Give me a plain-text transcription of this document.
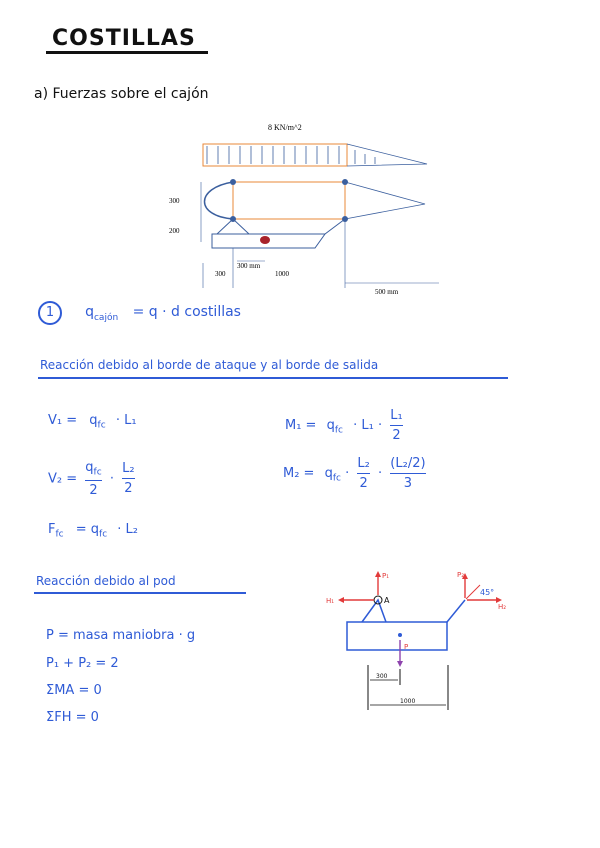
COSTILLAS
a) Fuerzas sobre el cajón
8 KN/m^2
300
200
300 mm
300	1000
500 mm
1 $q_{cajón} = q \cdot d$ costillas
Reacción debido al borde de ataque y al borde de salida
$V_1 = q_{fc} \cdot L_1$	$M_1 = q_{fc} \cdot L_1 \cdot \frac{\text{L₁}}{2}$
$V_2 = \frac{q_{fc}}{2} \cdot \frac{\text{L₂}}{2}$	$M_2 = q_{fc} \cdot \frac{\text{L₂}}{2} \cdot \frac{\text{(L₂/2)}}{3}$
$F_{fc} = q_{fc} \cdot L_2$
Reacción debido al pod
P = masa maniobra · g
P₁ + P₂ = 2
ΣMA = 0
ΣFH = 0
A
P₁
H₁
P₂
H₂
45°
P
300
1000
